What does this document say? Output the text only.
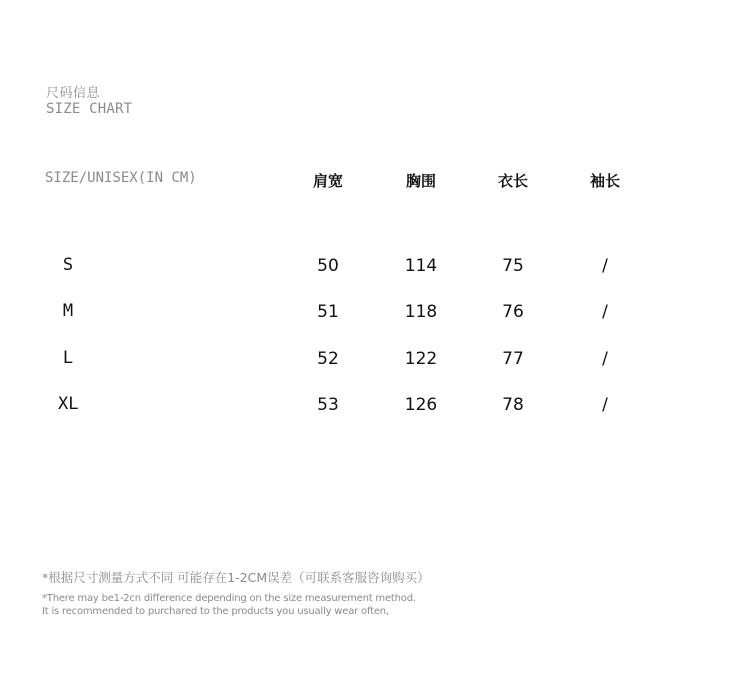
尺码信息
SIZE CHART
SIZE/UNISEX(IN CM)	肩宽	胸围	衣长	袖长
S	50	114	75	/
M	51	118	76	/
L	52	122	77	/
XL	53	126	78	/
*根据尺寸测量方式不同 可能存在1-2CM误差（可联系客服咨询购买）
*There may be1-2cn difference depending on the size measurement method.
It is recommended to purchared to the products you usually wear often,
